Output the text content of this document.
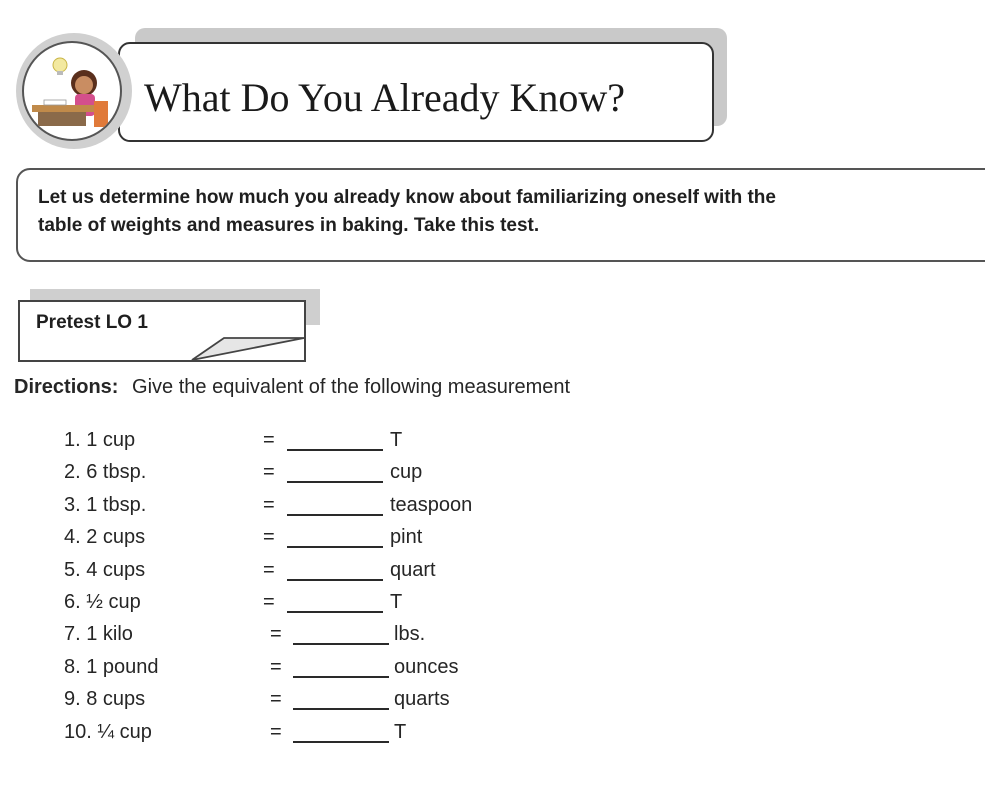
What Do You Already Know?
Let us determine how much you already know about familiarizing oneself with the
table of weights and measures in baking. Take this test.
Pretest LO 1
Directions: Give the equivalent of the following measurement
1. 1 cup	=	T
2. 6 tbsp.	=	cup
3. 1 tbsp.	=	teaspoon
4. 2 cups	=	pint
5. 4 cups	=	quart
6. ½ cup	=	T
7. 1 kilo	=	lbs.
8. 1 pound	=	ounces
9. 8 cups	=	quarts
10. ¼ cup	=	T
